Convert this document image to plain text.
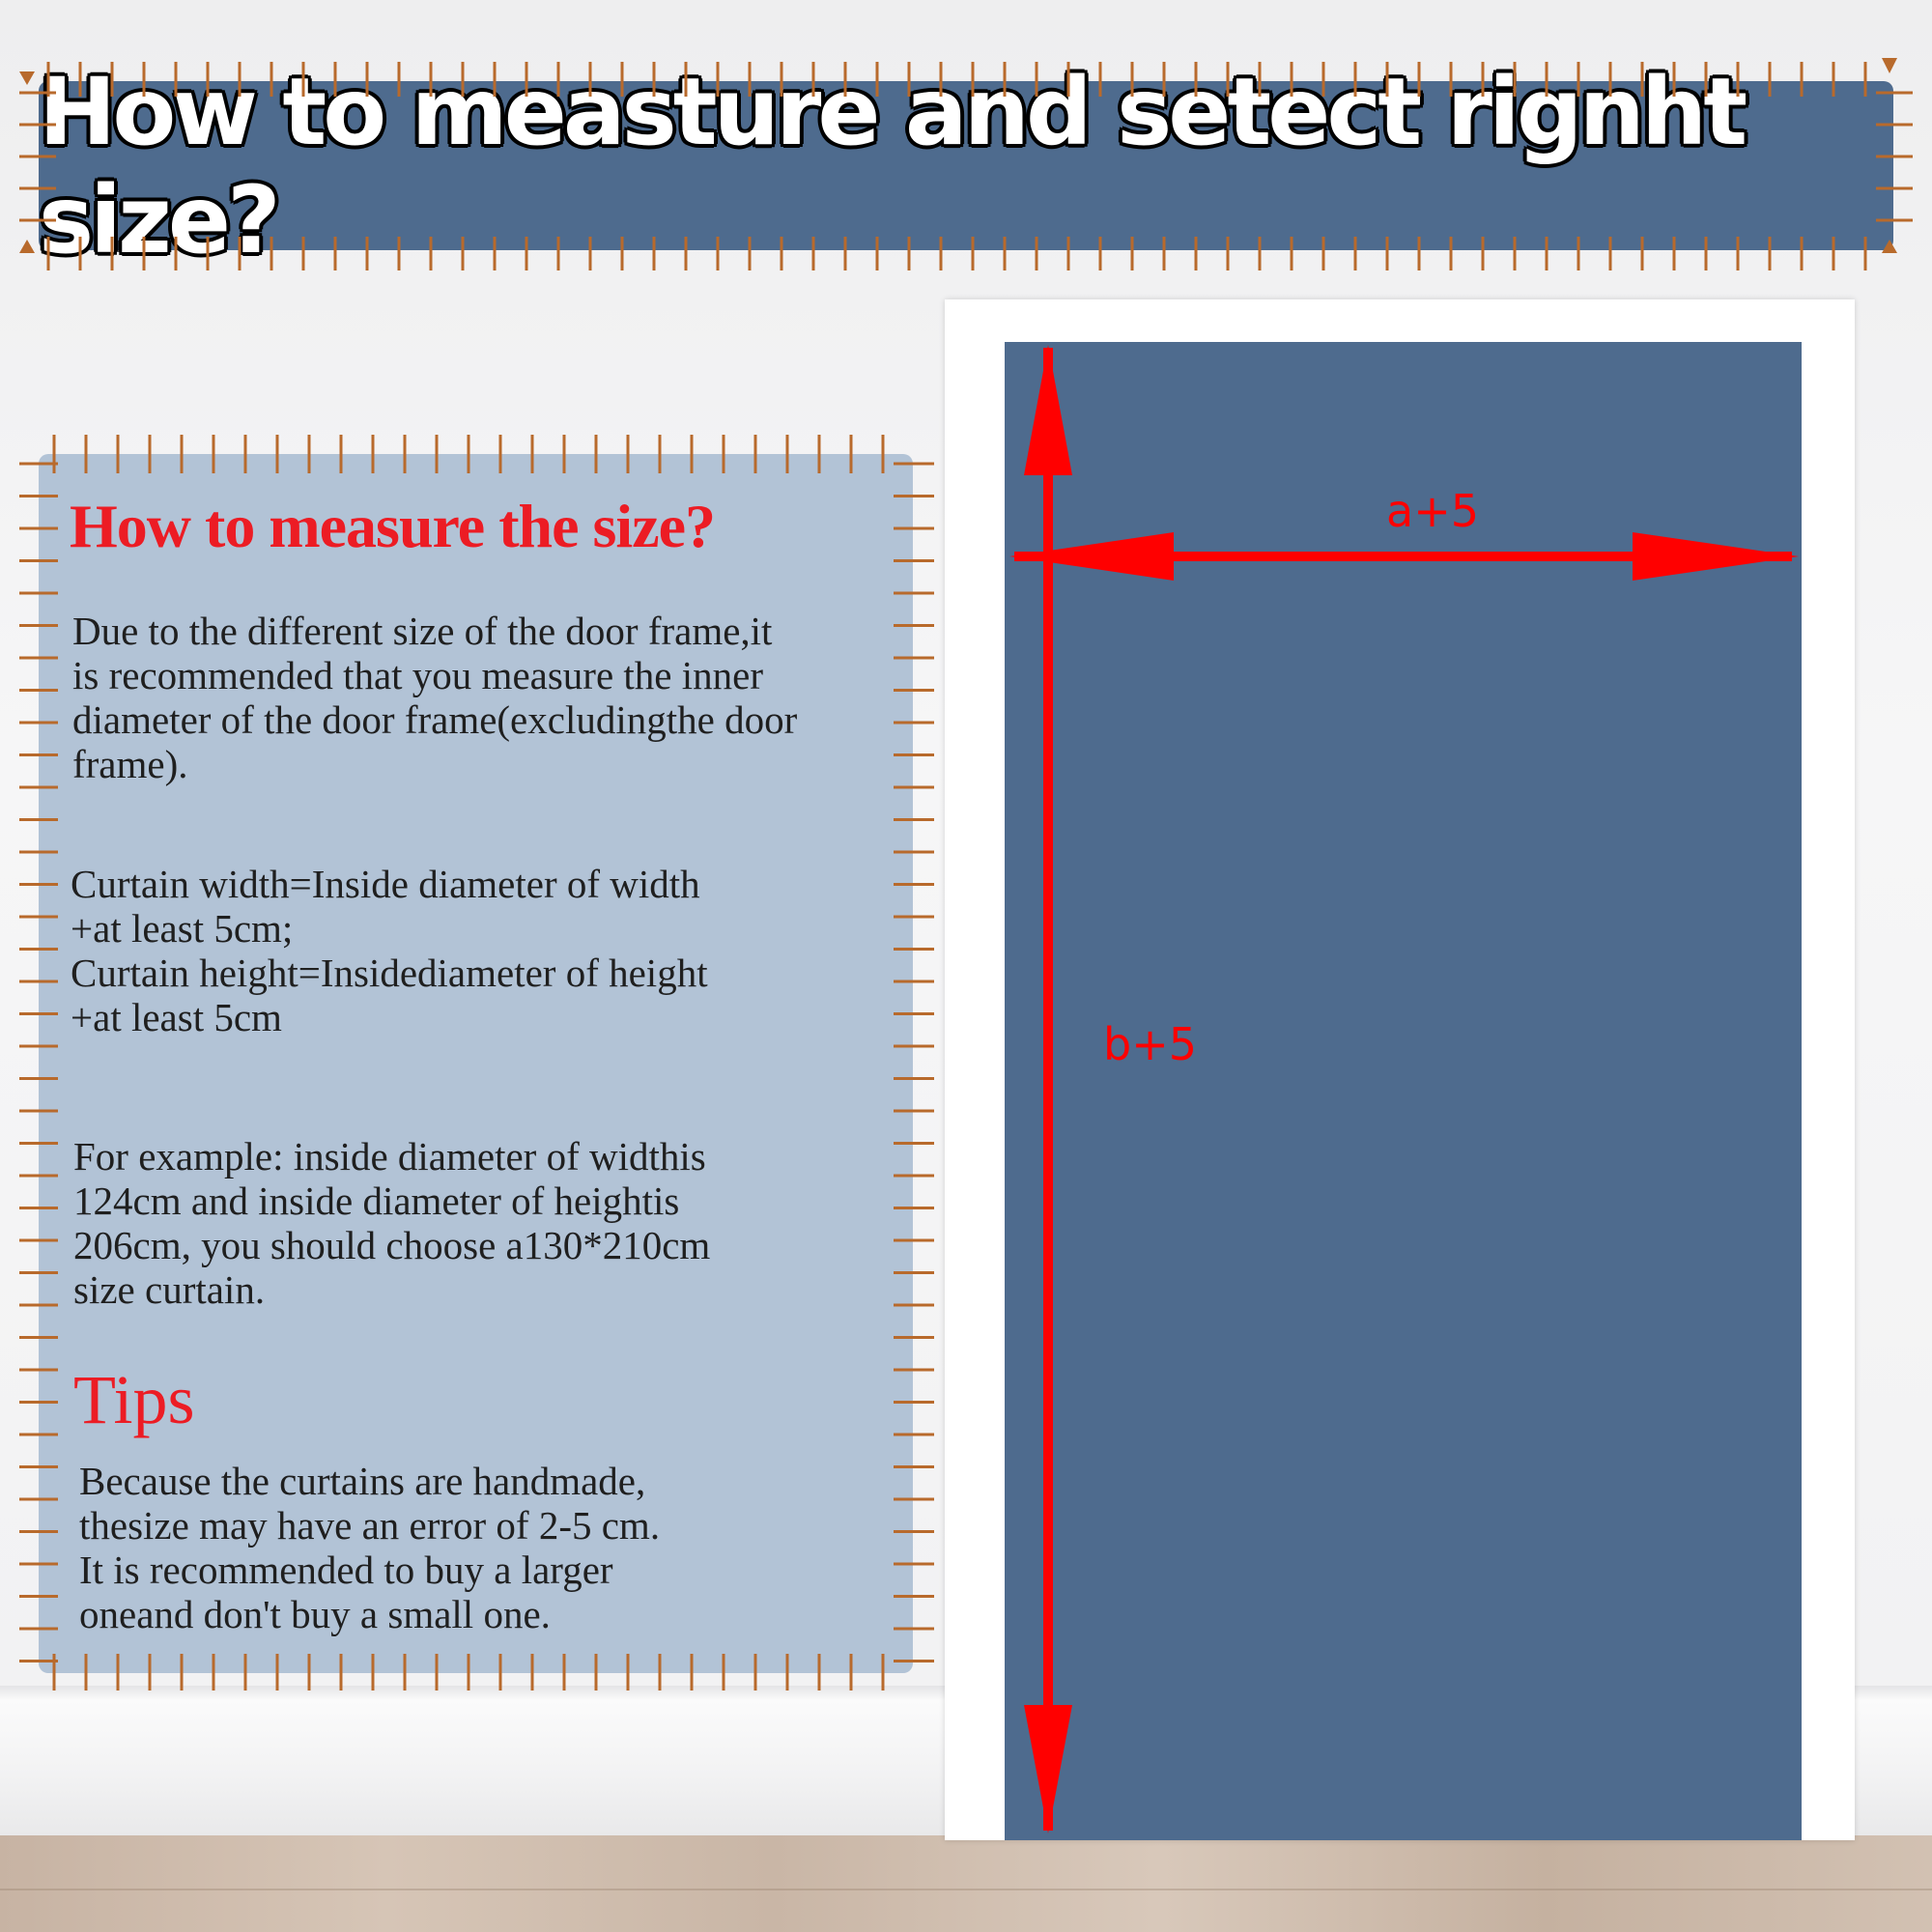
How to measture and setect rignht size?
How to measure the size?
Due to the different size of the door frame,it
is recommended that you measure the inner
diameter of the door frame(excludingthe door
frame).
Curtain width=Inside diameter of width
+at least 5cm;
Curtain height=Insidediameter of height
+at least 5cm
For example: inside diameter of widthis
124cm and inside diameter of heightis
206cm, you should choose a130*210cm
size curtain.
Tips
Because the curtains are handmade,
thesize may have an error of 2-5 cm.
It is recommended to buy a larger
oneand don't buy a small one.
a+5
b+5
